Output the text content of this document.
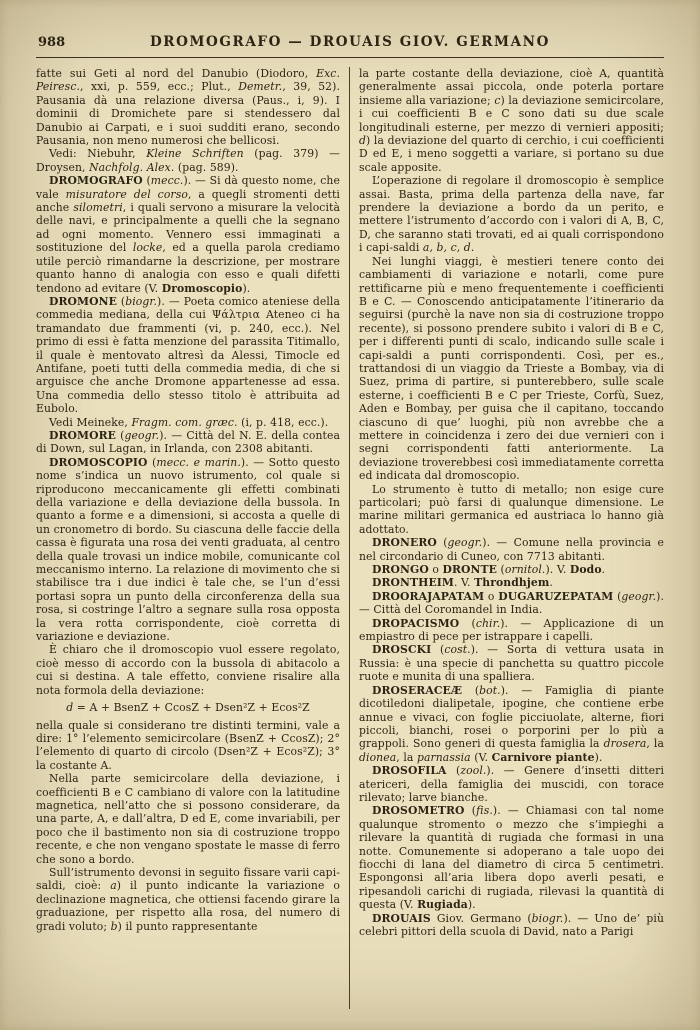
988	DROMOGRAFO — DROUAIS GIOV. GERMANO

fatte sui Geti al nord del Danubio (Diodoro, Exc. Peiresc., xxi, p. 559, ecc.; Plut., Demetr., 39, 52). Pausania dà una relazione diversa (Paus., i, 9). I dominii di Dromichete pare si stendessero dal Danubio ai Carpati, e i suoi sudditi erano, secondo Pausania, non meno numerosi che bellicosi.

Vedi: Niebuhr, Kleine Schriften (pag. 379) — Droysen, Nachfolg. Alex. (pag. 589).

DROMOGRAFO (mecc.). — Si dà questo nome, che vale misuratore del corso, a quegli stromenti detti anche silometri, i quali servono a misurare la velocità delle navi, e principalmente a quelli che la segnano ad ogni momento. Vennero essi immaginati a sostituzione del locke, ed a quella parola crediamo utile perciò rimandarne la descrizione, per mostrare quanto hanno di analogia con esso e quali difetti tendono ad evitare (V. Dromoscopio).

DROMONE (biogr.). — Poeta comico ateniese della commedia mediana, della cui Ψάλτρια Ateneo ci ha tramandato due frammenti (vi, p. 240, ecc.). Nel primo di essi è fatta menzione del parassita Titimallo, il quale è mentovato altresì da Alessi, Timocle ed Antifane, poeti tutti della commedia media, di che si arguisce che anche Dromone appartenesse ad essa. Una commedia dello stesso titolo è attribuita ad Eubolo.

Vedi Meineke, Fragm. com. græc. (i, p. 418, ecc.).

DROMORE (geogr.). — Città del N. E. della contea di Down, sul Lagan, in Irlanda, con 2308 abitanti.

DROMOSCOPIO (mecc. e marin.). — Sotto questo nome s’indica un nuovo istrumento, col quale si riproducono meccanicamente gli effetti combinati della variazione e della deviazione della bussola. In quanto a forme e a dimensioni, si accosta a quelle di un cronometro di bordo. Su ciascuna delle faccie della cassa è figurata una rosa dei venti graduata, al centro della quale trovasi un indice mobile, comunicante col meccanismo interno. La relazione di movimento che si stabilisce tra i due indici è tale che, se l’un d’essi portasi sopra un punto della circonferenza della sua rosa, si costringe l’altro a segnare sulla rosa opposta la vera rotta corrispondente, cioè corretta di variazione e deviazione.

È chiaro che il dromoscopio vuol essere regolato, cioè messo di accordo con la bussola di abitacolo a cui si destina. A tale effetto, conviene risalire alla nota formola della deviazione:

d = A + BsenZ + CcosZ + Dsen²Z + Ecos²Z

nella quale si considerano tre distinti termini, vale a dire: 1° l’elemento semicircolare (BsenZ + CcosZ); 2° l’elemento di quarto di circolo (Dsen²Z + Ecos²Z); 3° la costante A.

Nella parte semicircolare della deviazione, i coefficienti B e C cambiano di valore con la latitudine magnetica, nell’atto che si possono considerare, da una parte, A, e dall’altra, D ed E, come invariabili, per poco che il bastimento non sia di costruzione troppo recente, e che non vengano spostate le masse di ferro che sono a bordo.

Sull’istrumento devonsi in seguito fissare varii capi-saldi, cioè: a) il punto indicante la variazione o declinazione magnetica, che ottiensi facendo girare la graduazione, per rispetto alla rosa, del numero di gradi voluto; b) il punto rappresentante

la parte costante della deviazione, cioè A, quantità generalmente assai piccola, onde poterla portare insieme alla variazione; c) la deviazione semicircolare, i cui coefficienti B e C sono dati su due scale longitudinali esterne, per mezzo di vernieri appositi; d) la deviazione del quarto di cerchio, i cui coefficienti D ed E, i meno soggetti a variare, si portano su due scale apposite.

L’operazione di regolare il dromoscopio è semplice assai. Basta, prima della partenza della nave, far prendere la deviazione a bordo da un perito, e mettere l’istrumento d’accordo con i valori di A, B, C, D, che saranno stati trovati, ed ai quali corrispondono i capi-saldi a, b, c, d.

Nei lunghi viaggi, è mestieri tenere conto dei cambiamenti di variazione e notarli, come pure rettificarne più e meno frequentemente i coefficienti B e C. — Conoscendo anticipatamente l’itinerario da seguirsi (purchè la nave non sia di costruzione troppo recente), si possono prendere subito i valori di B e C, per i differenti punti di scalo, indicando sulle scale i capi-saldi a punti corrispondenti. Così, per es., trattandosi di un viaggio da Trieste a Bombay, via di Suez, prima di partire, si punterebbero, sulle scale esterne, i coefficienti B e C per Trieste, Corfù, Suez, Aden e Bombay, per guisa che il capitano, toccando ciascuno di que’ luoghi, più non avrebbe che a mettere in coincidenza i zero dei due vernieri con i segni corrispondenti fatti anteriormente. La deviazione troverebbesi così immediatamente corretta ed indicata dal dromoscopio.

Lo strumento è tutto di metallo; non esige cure particolari; può farsi di qualunque dimensione. Le marine militari germanica ed austriaca lo hanno già adottato.

DRONERO (geogr.). — Comune nella provincia e nel circondario di Cuneo, con 7713 abitanti.

DRONGO o DRONTE (ornitol.). V. Dodo.

DRONTHEIM. V. Throndhjem.

DROORAJAPATAM o DUGARUZEPATAM (geogr.). — Città del Coromandel in India.

DROPACISMO (chir.). — Applicazione di un empiastro di pece per istrappare i capelli.

DROSCKI (cost.). — Sorta di vettura usata in Russia: è una specie di panchetta su quattro piccole ruote e munita di una spalliera.

DROSERACEÆ (bot.). — Famiglia di piante dicotiledoni dialipetale, ipogine, che contiene erbe annue e vivaci, con foglie picciuolate, alterne, fiori piccoli, bianchi, rosei o porporini per lo più a grappoli. Sono generi di questa famiglia la drosera, la dionea, la parnassia (V. Carnivore piante).

DROSOFILA (zool.). — Genere d’insetti ditteri atericeri, della famiglia dei muscidi, con torace rilevato; larve bianche.

DROSOMETRO (fis.). — Chiamasi con tal nome qualunque stromento o mezzo che s’impieghi a rilevare la quantità di rugiada che formasi in una notte. Comunemente si adoperano a tale uopo dei fiocchi di lana del diametro di circa 5 centimetri. Espongonsi all’aria libera dopo averli pesati, e ripesandoli carichi di rugiada, rilevasi la quantità di questa (V. Rugiada).

DROUAIS Giov. Germano (biogr.). — Uno de’ più celebri pittori della scuola di David, nato a Parigi
